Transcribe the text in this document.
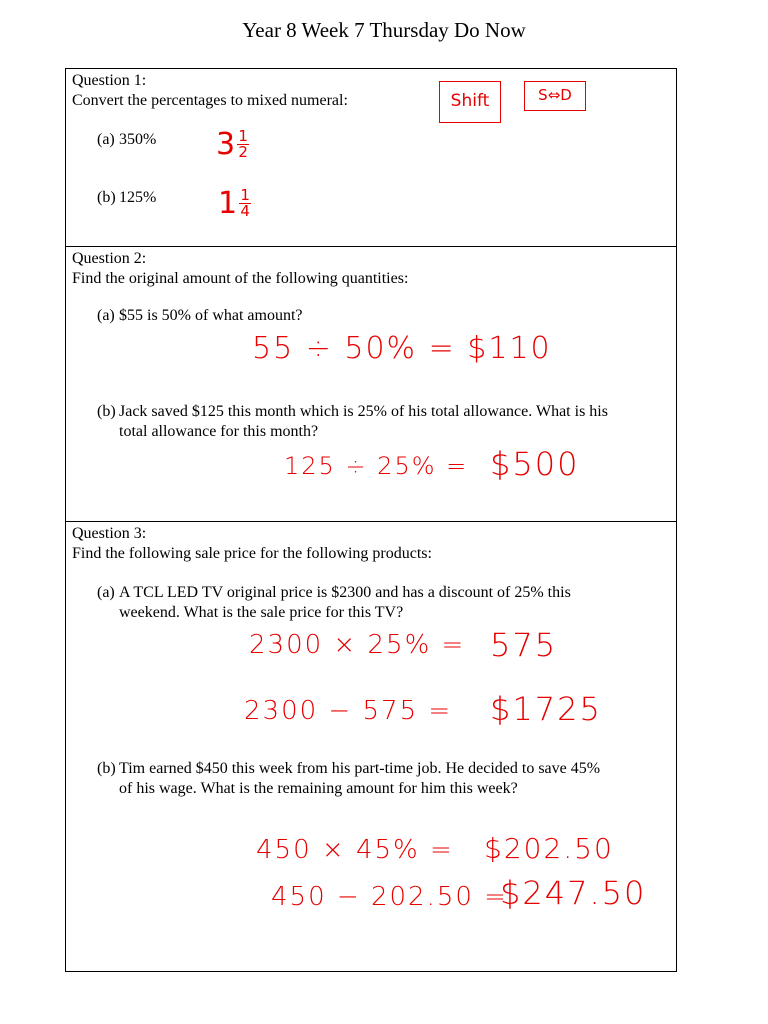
Year 8 Week 7 Thursday Do Now
Question 1:
Convert the percentages to mixed numeral:
(a) 350% 3 1
2
(b) 125% 1 1
4
Shift	S⇔D
Question 2:
Find the original amount of the following quantities:
(a) $55 is 50% of what amount?
55 ÷ 50% = $110
(b) Jack saved $125 this month which is 25% of his total allowance. What is his
total allowance for this month?
125 ÷ 25% = $500
Question 3:
Find the following sale price for the following products:
(a) A TCL LED TV original price is $2300 and has a discount of 25% this
weekend. What is the sale price for this TV?
2300 × 25% = 575
2300 − 575 = $1725
(b) Tim earned $450 this week from his part-time job. He decided to save 45%
of his wage. What is the remaining amount for him this week?
450 × 45% = $202.50
450 − 202.50 =
$247.50
